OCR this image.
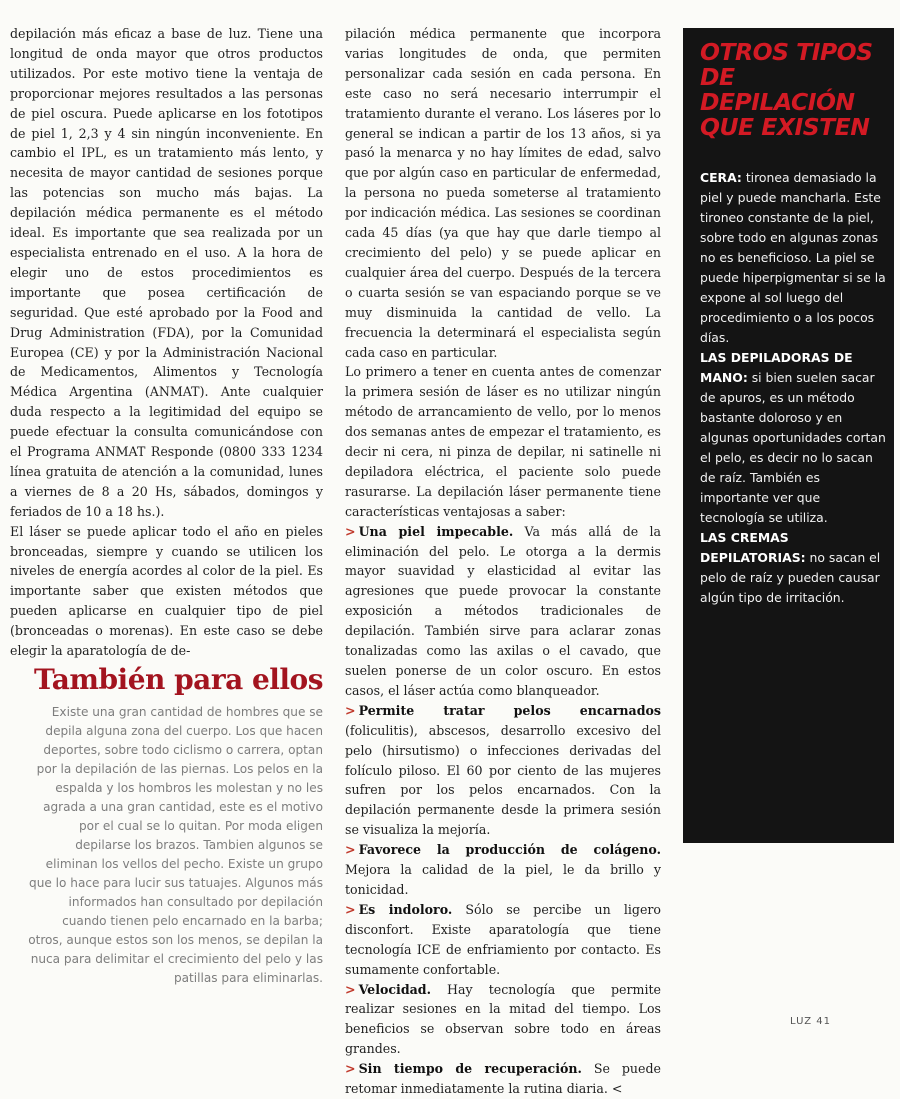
depilación más eficaz a base de luz. Tiene una longitud de onda mayor que otros productos utilizados. Por este motivo tiene la ventaja de proporcionar mejores resultados a las personas de piel oscura. Puede aplicarse en los fototipos de piel 1, 2,3 y 4 sin ningún inconveniente. En cambio el IPL, es un tratamiento más lento, y necesita de mayor cantidad de sesiones porque las potencias son mucho más bajas. La depilación médica permanente es el método ideal. Es importante que sea realizada por un especialista entrenado en el uso. A la hora de elegir uno de estos procedimientos es importante que posea certificación de seguridad. Que esté aprobado por la Food and Drug Administration (FDA), por la Comunidad Europea (CE) y por la Administración Nacional de Medicamentos, Alimentos y Tecnología Médica Argentina (ANMAT). Ante cualquier duda respecto a la legitimidad del equipo se puede efectuar la consulta comunicándose con el Programa ANMAT Responde (0800 333 1234 línea gratuita de atención a la comunidad, lunes a viernes de 8 a 20 Hs, sábados, domingos y feriados de 10 a 18 hs.).

El láser se puede aplicar todo el año en pieles bronceadas, siempre y cuando se utilicen los niveles de energía acordes al color de la piel. Es importante saber que existen métodos que pueden aplicarse en cualquier tipo de piel (bronceadas o morenas). En este caso se debe elegir la aparatología de de-

También para ellos
Existe una gran cantidad de hombres que se depila alguna zona del cuerpo. Los que hacen deportes, sobre todo ciclismo o carrera, optan por la depilación de las piernas. Los pelos en la espalda y los hombros les molestan y no les agrada a una gran cantidad, este es el motivo por el cual se lo quitan. Por moda eligen depilarse los brazos. Tambien algunos se eliminan los vellos del pecho. Existe un grupo que lo hace para lucir sus tatuajes. Algunos más informados han consultado por depilación cuando tienen pelo encarnado en la barba; otros, aunque estos son los menos, se depilan la nuca para delimitar el crecimiento del pelo y las patillas para eliminarlas.

pilación médica permanente que incorpora varias longitudes de onda, que permiten personalizar cada sesión en cada persona. En este caso no será necesario interrumpir el tratamiento durante el verano. Los láseres por lo general se indican a partir de los 13 años, si ya pasó la menarca y no hay límites de edad, salvo que por algún caso en particular de enfermedad, la persona no pueda someterse al tratamiento por indicación médica. Las sesiones se coordinan cada 45 días (ya que hay que darle tiempo al crecimiento del pelo) y se puede aplicar en cualquier área del cuerpo. Después de la tercera o cuarta sesión se van espaciando porque se ve muy disminuida la cantidad de vello. La frecuencia la determinará el especialista según cada caso en particular.

Lo primero a tener en cuenta antes de comenzar la primera sesión de láser es no utilizar ningún método de arrancamiento de vello, por lo menos dos semanas antes de empezar el tratamiento, es decir ni cera, ni pinza de depilar, ni satinelle ni depiladora eléctrica, el paciente solo puede rasurarse. La depilación láser permanente tiene características ventajosas a saber:

> Una piel impecable. Va más allá de la eliminación del pelo. Le otorga a la dermis mayor suavidad y elasticidad al evitar las agresiones que puede provocar la constante exposición a métodos tradicionales de depilación. También sirve para aclarar zonas tonalizadas como las axilas o el cavado, que suelen ponerse de un color oscuro. En estos casos, el láser actúa como blanqueador.

> Permite tratar pelos encarnados (foliculitis), abscesos, desarrollo excesivo del pelo (hirsutismo) o infecciones derivadas del folículo piloso. El 60 por ciento de las mujeres sufren por los pelos encarnados. Con la depilación permanente desde la primera sesión se visualiza la mejoría.

> Favorece la producción de colágeno. Mejora la calidad de la piel, le da brillo y tonicidad.

> Es indoloro. Sólo se percibe un ligero disconfort. Existe aparatología que tiene tecnología ICE de enfriamiento por contacto. Es sumamente confortable.

> Velocidad. Hay tecnología que permite realizar sesiones en la mitad del tiempo. Los beneficios se observan sobre todo en áreas grandes.

> Sin tiempo de recuperación. Se puede retomar inmediatamente la rutina diaria. <

OTROS TIPOS DE DEPILACIÓN QUE EXISTEN

CERA: tironea demasiado la piel y puede mancharla. Este tironeo constante de la piel, sobre todo en algunas zonas no es beneficioso. La piel se puede hiperpigmentar si se la expone al sol luego del procedimiento o a los pocos días.

LAS DEPILADORAS DE MANO: si bien suelen sacar de apuros, es un método bastante doloroso y en algunas oportunidades cortan el pelo, es decir no lo sacan de raíz. También es importante ver que tecnología se utiliza.

LAS CREMAS DEPILATORIAS: no sacan el pelo de raíz y pueden causar algún tipo de irritación.

LUZ 41
